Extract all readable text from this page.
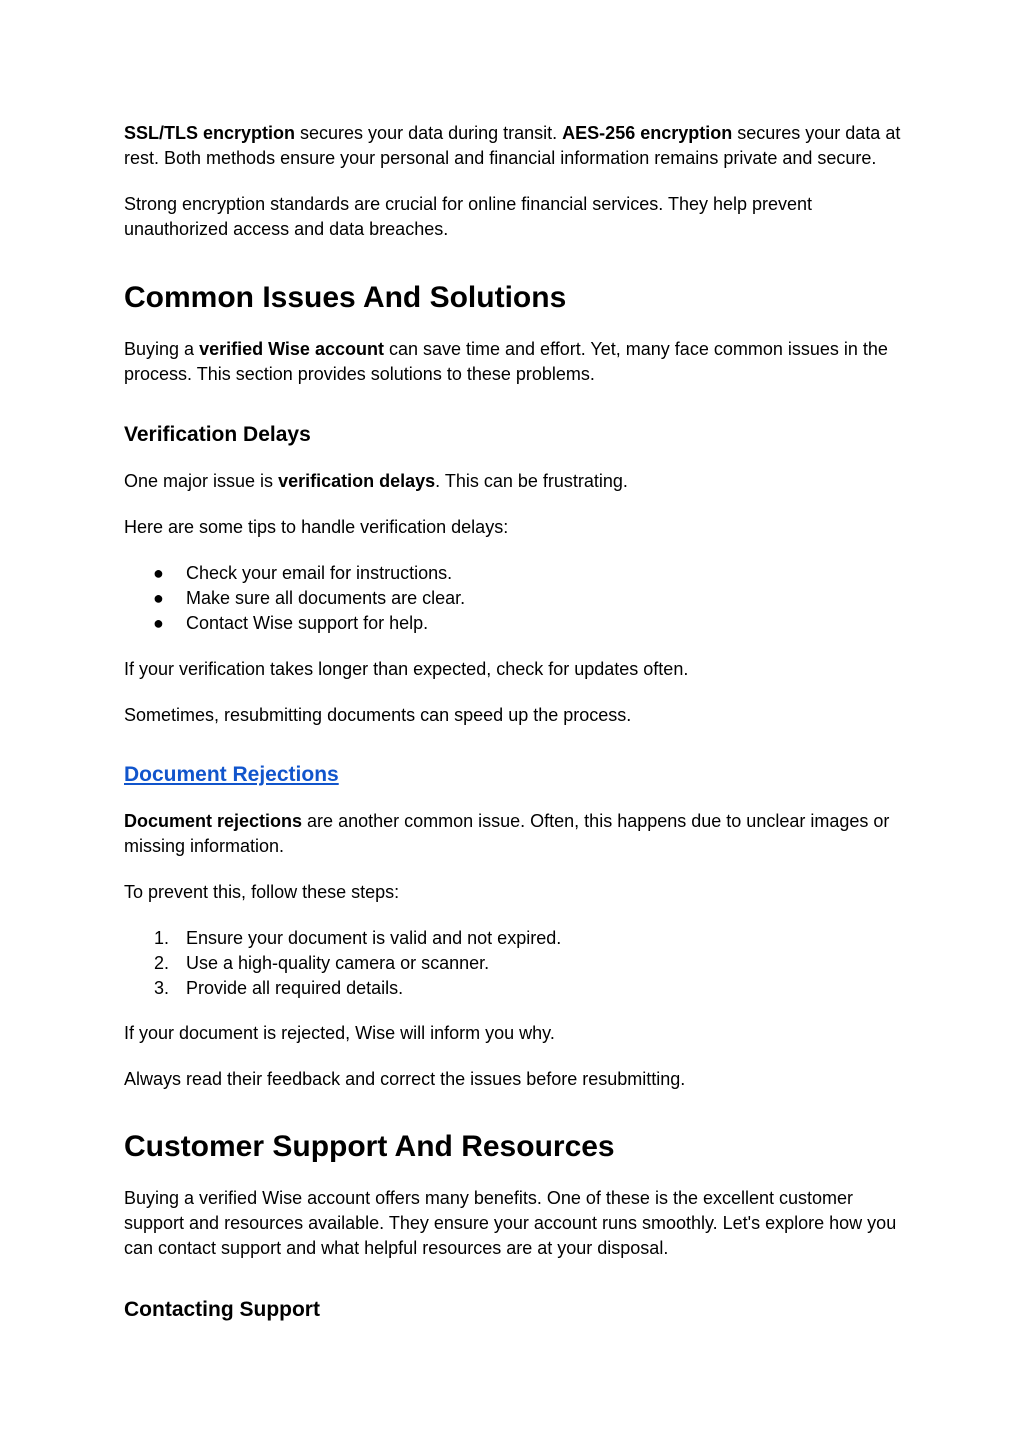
SSL/TLS encryption secures your data during transit. AES-256 encryption secures your data at rest. Both methods ensure your personal and financial information remains private and secure.

Strong encryption standards are crucial for online financial services. They help prevent unauthorized access and data breaches.

Common Issues And Solutions

Buying a verified Wise account can save time and effort. Yet, many face common issues in the process. This section provides solutions to these problems.

Verification Delays

One major issue is verification delays. This can be frustrating.

Here are some tips to handle verification delays:

● Check your email for instructions.
● Make sure all documents are clear.
● Contact Wise support for help.

If your verification takes longer than expected, check for updates often.

Sometimes, resubmitting documents can speed up the process.

Document Rejections

Document rejections are another common issue. Often, this happens due to unclear images or missing information.

To prevent this, follow these steps:

1. Ensure your document is valid and not expired.
2. Use a high-quality camera or scanner.
3. Provide all required details.

If your document is rejected, Wise will inform you why.

Always read their feedback and correct the issues before resubmitting.

Customer Support And Resources

Buying a verified Wise account offers many benefits. One of these is the excellent customer support and resources available. They ensure your account runs smoothly. Let's explore how you can contact support and what helpful resources are at your disposal.

Contacting Support
